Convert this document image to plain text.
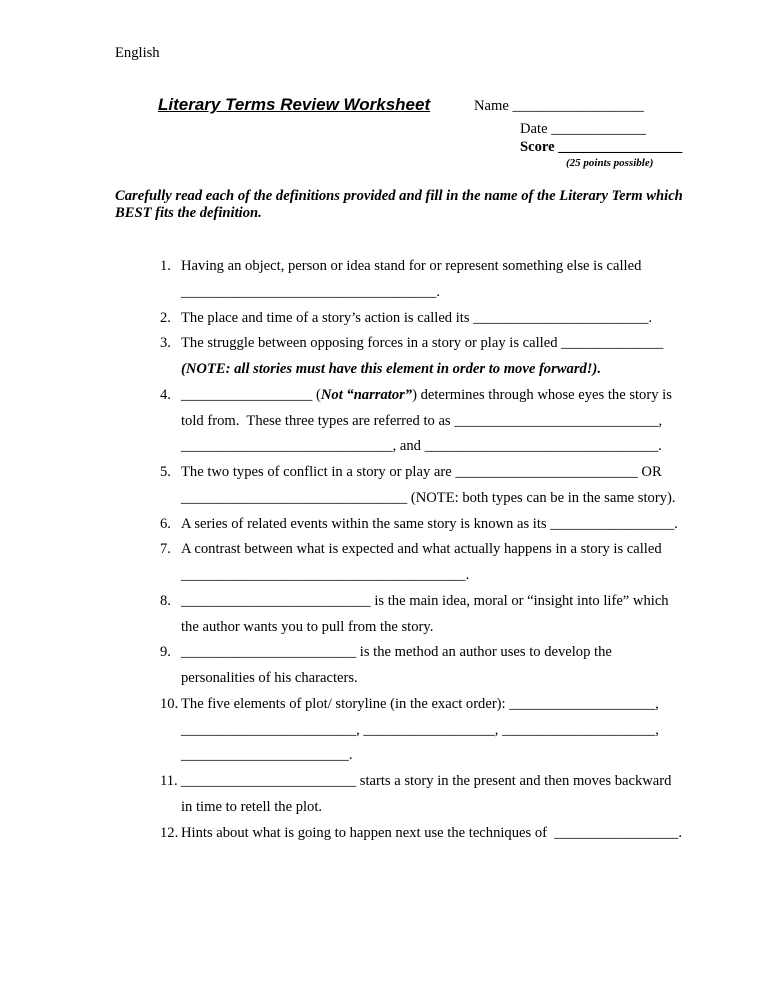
English
Literary Terms Review Worksheet	Name __________________
Date _____________
Score _________________
(25 points possible)
Carefully read each of the definitions provided and fill in the name of the Literary Term which
BEST fits the definition.
1. Having an object, person or idea stand for or represent something else is called
___________________________________.
2. The place and time of a story’s action is called its ________________________.
3. The struggle between opposing forces in a story or play is called ______________
(NOTE: all stories must have this element in order to move forward!).
4. __________________ (Not “narrator”) determines through whose eyes the story is
told from.  These three types are referred to as ____________________________,
_____________________________, and ________________________________.
5. The two types of conflict in a story or play are _________________________ OR
_______________________________ (NOTE: both types can be in the same story).
6. A series of related events within the same story is known as its _________________.
7. A contrast between what is expected and what actually happens in a story is called
_______________________________________.
8. __________________________ is the main idea, moral or “insight into life” which
the author wants you to pull from the story.
9. ________________________ is the method an author uses to develop the
personalities of his characters.
10. The five elements of plot/ storyline (in the exact order): ____________________,
________________________, __________________, _____________________,
_______________________.
11. ________________________ starts a story in the present and then moves backward
in time to retell the plot.
12. Hints about what is going to happen next use the techniques of  _________________.
